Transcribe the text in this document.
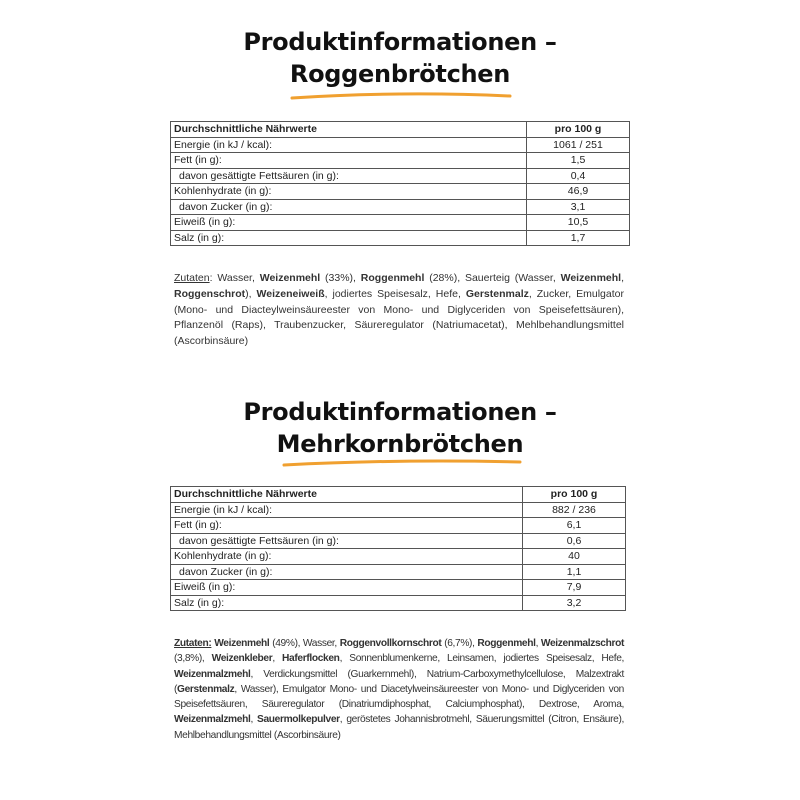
Produktinformationen –
Roggenbrötchen
Durchschnittliche Nährwerte	pro 100 g
Energie (in kJ / kcal):	1061 / 251
Fett (in g):	1,5
davon gesättigte Fettsäuren (in g):	0,4
Kohlenhydrate (in g):	46,9
davon Zucker (in g):	3,1
Eiweiß (in g):	10,5
Salz (in g):	1,7
Zutaten: Wasser, Weizenmehl (33%), Roggenmehl (28%), Sauerteig (Wasser, Weizenmehl, Roggenschrot), Weizeneiweiß, jodiertes Speisesalz, Hefe, Gerstenmalz, Zucker, Emulgator (Mono- und Diacteylweinsäureester von Mono- und Diglyceriden von Speisefettsäuren), Pflanzenöl (Raps), Traubenzucker, Säureregulator (Natriumacetat), Mehlbehandlungsmittel (Ascorbinsäure)
Produktinformationen –
Mehrkornbrötchen
Durchschnittliche Nährwerte	pro 100 g
Energie (in kJ / kcal):	882 / 236
Fett (in g):	6,1
davon gesättigte Fettsäuren (in g):	0,6
Kohlenhydrate (in g):	40
davon Zucker (in g):	1,1
Eiweiß (in g):	7,9
Salz (in g):	3,2
Zutaten: Weizenmehl (49%), Wasser, Roggenvollkornschrot (6,7%), Roggenmehl, Weizenmalzschrot (3,8%), Weizenkleber, Haferflocken, Sonnenblumenkerne, Leinsamen, jodiertes Speisesalz, Hefe, Weizenmalzmehl, Verdickungsmittel (Guarkernmehl), Natrium-Carboxymethylcellulose, Malzextrakt (Gerstenmalz, Wasser), Emulgator Mono- und Diacetylweinsäureester von Mono- und Diglyceriden von Speisefettsäuren, Säureregulator (Dinatriumdiphosphat, Calciumphosphat), Dextrose, Aroma, Weizenmalzmehl, Sauermolkepulver, geröstetes Johannisbrotmehl, Säuerungsmittel (Citron, Ensäure), Mehlbehandlungsmittel (Ascorbinsäure)
